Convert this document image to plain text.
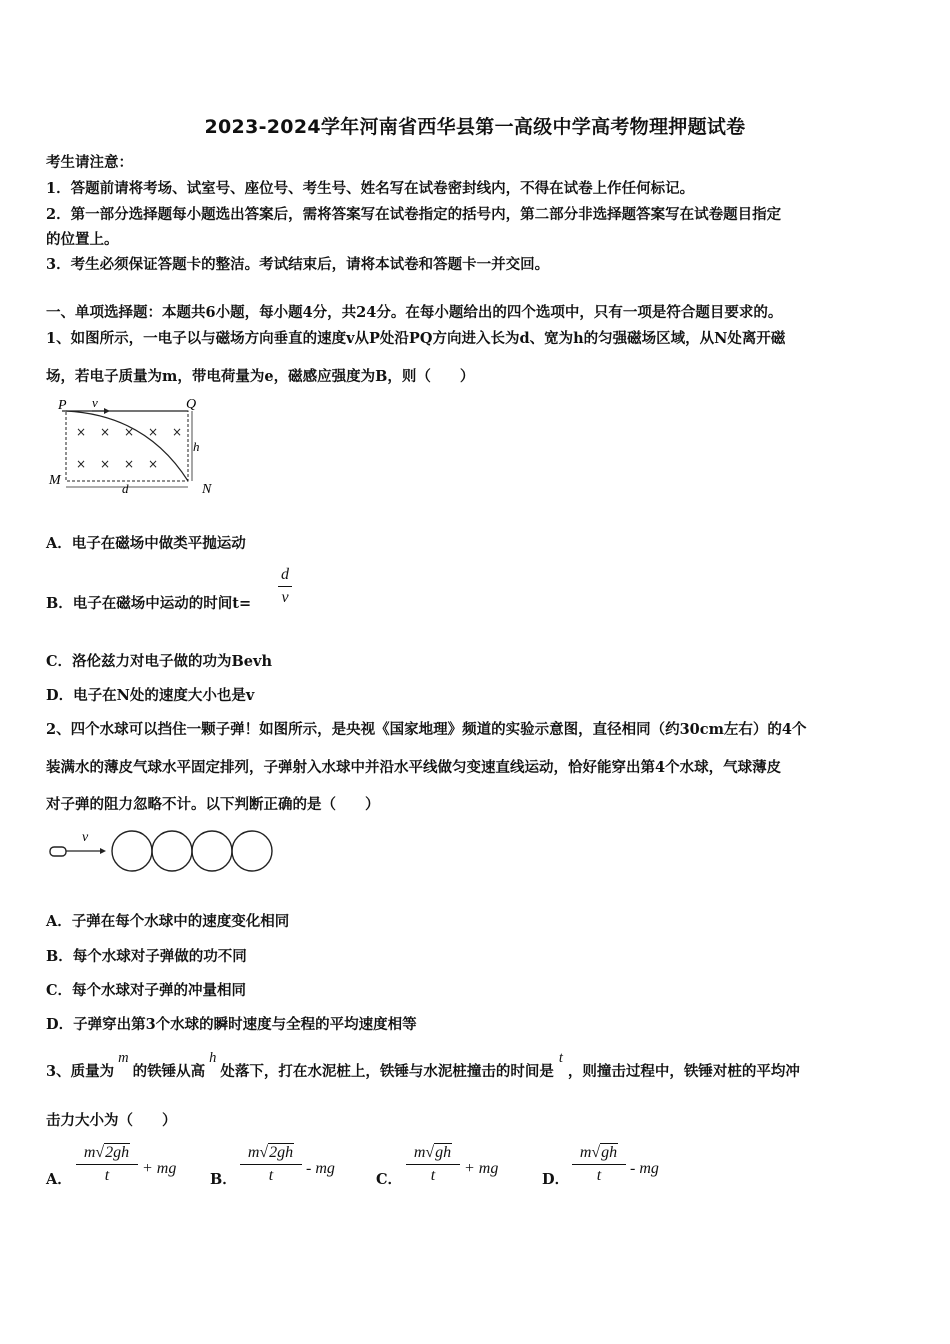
2023-2024学年河南省西华县第一高级中学高考物理押题试卷
考生请注意：
1．答题前请将考场、试室号、座位号、考生号、姓名写在试卷密封线内，不得在试卷上作任何标记。
2．第一部分选择题每小题选出答案后，需将答案写在试卷指定的括号内，第二部分非选择题答案写在试卷题目指定
的位置上。
3．考生必须保证答题卡的整洁。考试结束后，请将本试卷和答题卡一并交回。
一、单项选择题：本题共6小题，每小题4分，共24分。在每小题给出的四个选项中，只有一项是符合题目要求的。
1、如图所示，一电子以与磁场方向垂直的速度v从P处沿PQ方向进入长为d、宽为h的匀强磁场区域，从N处离开磁
场，若电子质量为m，带电荷量为e，磁感应强度为B，则（　　）
P v	Q
h
M
d	N
× × × × ×
× × × ×
A．电子在磁场中做类平抛运动
B．电子在磁场中运动的时间t=
d
v
C．洛伦兹力对电子做的功为Bevh
D．电子在N处的速度大小也是v
2、四个水球可以挡住一颗子弹！如图所示，是央视《国家地理》频道的实验示意图，直径相同（约30cm左右）的4个
装满水的薄皮气球水平固定排列，子弹射入水球中并沿水平线做匀变速直线运动，恰好能穿出第4个水球，气球薄皮
对子弹的阻力忽略不计。以下判断正确的是（　　）
v
A．子弹在每个水球中的速度变化相同
B．每个水球对子弹做的功不同
C．每个水球对子弹的冲量相同
D．子弹穿出第3个水球的瞬时速度与全程的平均速度相等
3、质量为m的铁锤从高h处落下，打在水泥桩上，铁锤与水泥桩撞击的时间是t，则撞击过程中，铁锤对桩的平均冲
击力大小为（　　）
A．
m√2gh
t	+ mg
B．
m√2gh
t	- mg
C．
m√gh
t	+ mg
D．
m√gh
t	- mg
